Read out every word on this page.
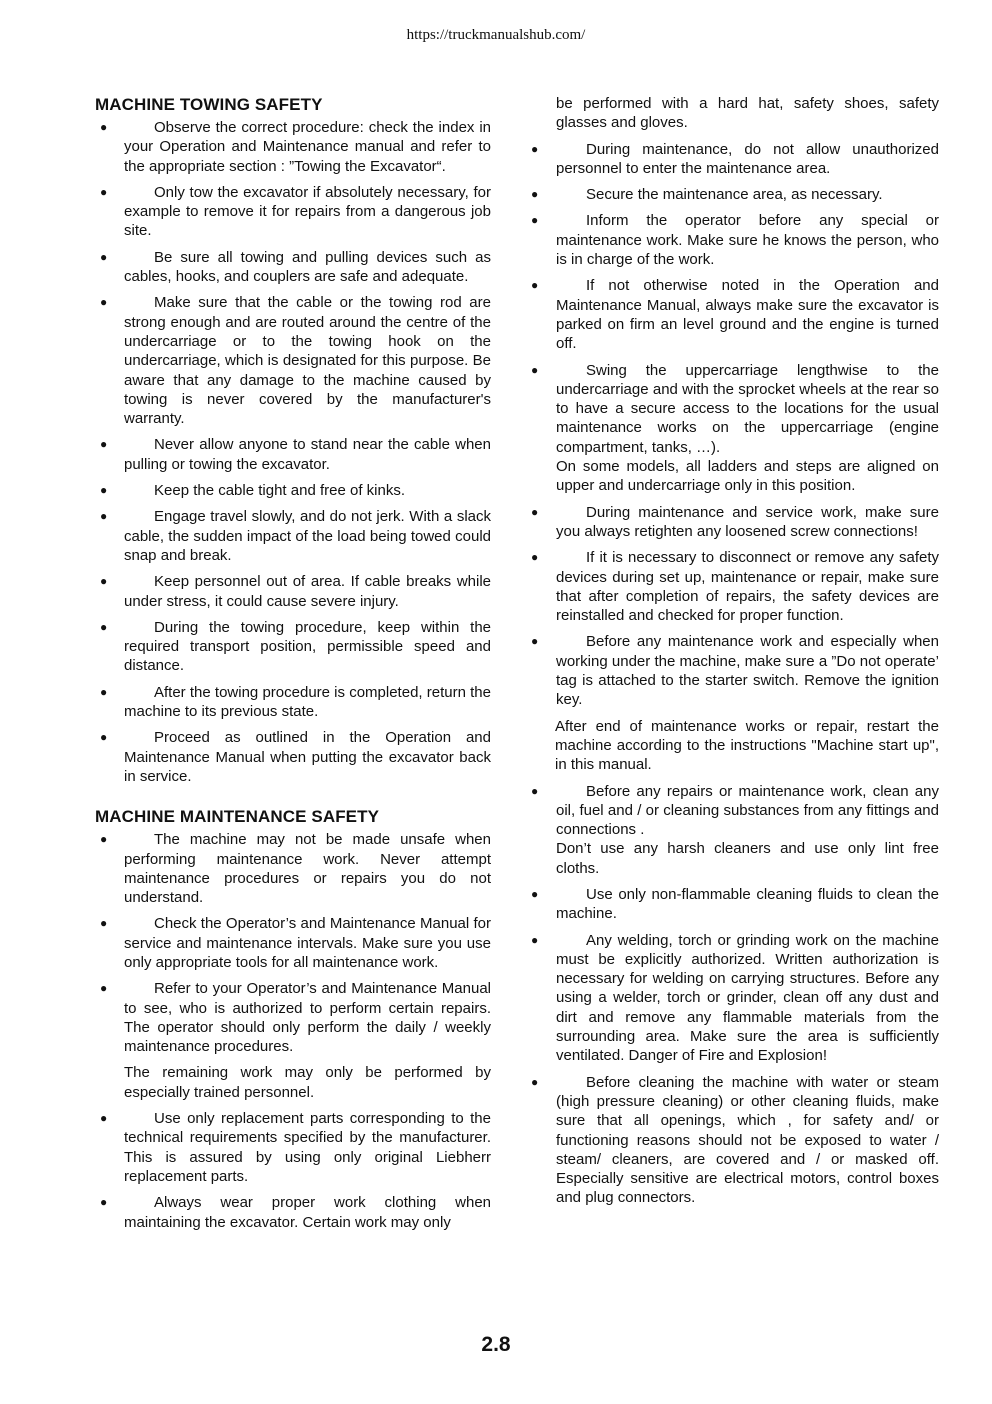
https://truckmanualshub.com/
MACHINE TOWING SAFETY
●	Observe the correct procedure: check the index in your Operation and Maintenance manual and refer to the appropriate section : ”Towing the Excavator“.
●	Only tow the excavator if absolutely necessary, for example to remove it for repairs from a dangerous job site.
●	Be sure all towing and pulling devices such as cables, hooks, and couplers are safe and adequate.
●	Make sure that the cable or the towing rod are strong enough and are routed around the centre of the undercarriage or to the towing hook on the undercarriage, which is designated for this purpose. Be aware that any damage to the machine caused by towing is never covered by the manufacturer's warranty.
●	Never allow anyone to stand near the cable when pulling or towing the excavator.
●	Keep the cable tight and free of kinks.
●	Engage travel slowly, and do not jerk. With a slack cable, the sudden impact of the load being towed could snap and break.
●	Keep personnel out of area. If cable breaks while under stress, it could cause severe injury.
●	During the towing procedure, keep within the required transport position, permissible speed and distance.
●	After the towing procedure is completed, return the machine to its previous state.
●	Proceed as outlined in the Operation and Maintenance Manual when putting the excavator back in service.
MACHINE MAINTENANCE SAFETY
●	The machine may not be made unsafe when performing maintenance work. Never attempt maintenance procedures or repairs you do not understand.
●	Check the Operator’s and Maintenance Manual for service and maintenance intervals. Make sure you use only appropriate tools for all maintenance work.
●	Refer to your Operator’s and Maintenance Manual to see, who is authorized to perform certain repairs. The operator should only perform the daily / weekly maintenance procedures.
The remaining work may only be performed by especially trained personnel.
●	Use only replacement parts corresponding to the technical requirements specified by the manufacturer. This is assured by using only original Liebherr replacement parts.
●	Always wear proper work clothing when maintaining the excavator. Certain work may only
be performed with a hard hat, safety shoes, safety glasses and gloves.
●	During maintenance, do not allow unauthorized personnel to enter the maintenance area.
●	Secure the maintenance area, as necessary.
●	Inform the operator before any special or maintenance work. Make sure he knows the person, who is in charge of the work.
●	If not otherwise noted in the Operation and Maintenance Manual, always make sure the excavator is parked on firm an level ground and the engine is turned off.
●	Swing the uppercarriage lengthwise to the undercarriage and with the sprocket wheels at the rear so to have a secure access to the locations for the usual maintenance works on the uppercarriage (engine compartment, tanks, …).
On some models, all ladders and steps are aligned on upper and undercarriage only in this position.
●	During maintenance and service work, make sure you always retighten any loosened screw connections!
●	If it is necessary to disconnect or remove any safety devices during set up, maintenance or repair, make sure that after completion of repairs, the safety devices are reinstalled and checked for proper function.
●	Before any maintenance work and especially when working under the machine, make sure a ”Do not operate’ tag is attached to the starter switch. Remove the ignition key.
After end of maintenance works or repair, restart the machine according to the instructions "Machine start up", in this manual.
●	Before any repairs or maintenance work, clean any oil, fuel and / or cleaning substances from any fittings and connections .
Don’t use any harsh cleaners and use only lint free cloths.
●	Use only non-flammable cleaning fluids to clean the machine.
●	Any welding, torch or grinding work on the machine must be explicitly authorized. Written authorization is necessary for welding on carrying structures. Before any using a welder, torch or grinder, clean off any dust and dirt and remove any flammable materials from the surrounding area. Make sure the area is sufficiently ventilated. Danger of Fire and Explosion!
●	Before cleaning the machine with water or steam (high pressure cleaning) or other cleaning fluids, make sure that all openings, which , for safety and/ or functioning reasons should not be exposed to water / steam/ cleaners, are covered and / or masked off. Especially sensitive are electrical motors, control boxes and plug connectors.
2.8
